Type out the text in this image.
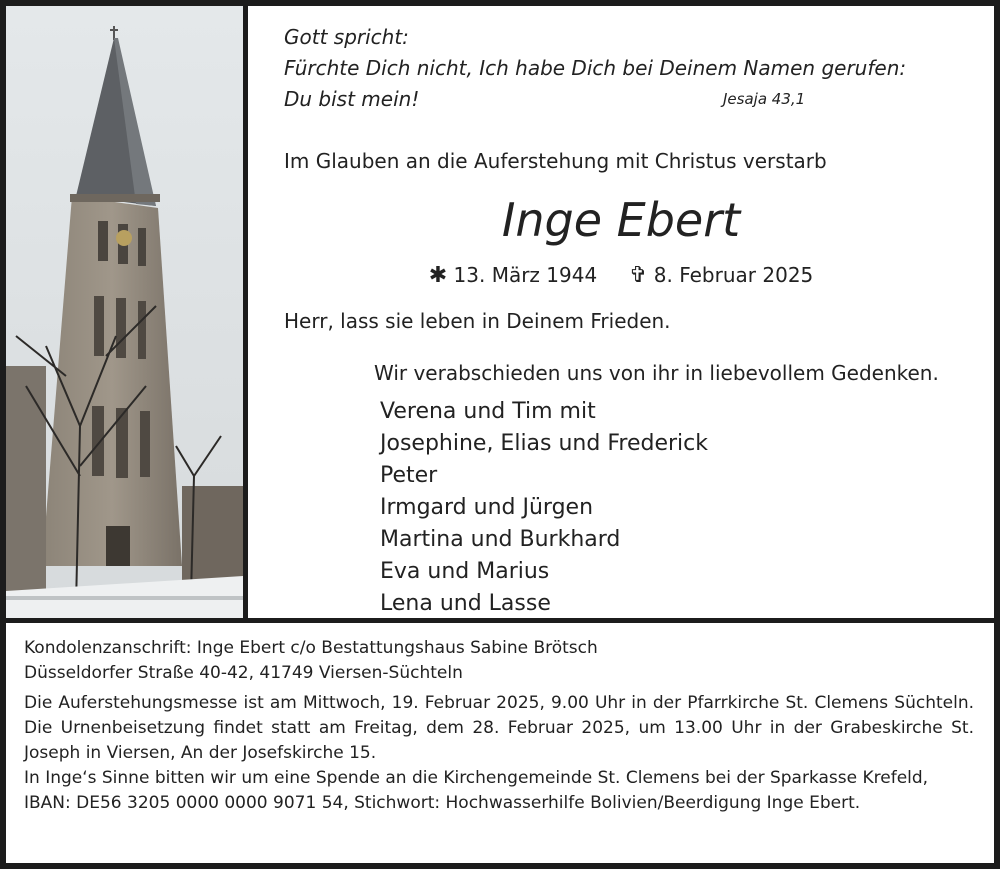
Gott spricht:
Fürchte Dich nicht, Ich habe Dich bei Deinem Namen gerufen:
Du bist mein!	Jesaja 43,1
Im Glauben an die Auferstehung mit Christus verstarb
Inge Ebert
✱ 13. März 1944 ✞ 8. Februar 2025
Herr, lass sie leben in Deinem Frieden.
Wir verabschieden uns von ihr in liebevollem Gedenken.
Verena und Tim mit
Josephine, Elias und Frederick
Peter
Irmgard und Jürgen
Martina und Burkhard
Eva und Marius
Lena und Lasse
Kondolenzanschrift: Inge Ebert c/o Bestattungshaus Sabine Brötsch
Düsseldorfer Straße 40-42, 41749 Viersen-Süchteln
Die Auferstehungsmesse ist am Mittwoch, 19. Februar 2025, 9.00 Uhr in der Pfarrkirche St. Clemens Süchteln. Die Urnenbeisetzung findet statt am Freitag, dem 28. Februar 2025, um 13.00 Uhr in der Grabeskirche St. Joseph in Viersen, An der Josefskirche 15.
In Inge‘s Sinne bitten wir um eine Spende an die Kirchengemeinde St. Clemens bei der Sparkasse Krefeld, IBAN: DE56 3205 0000 0000 9071 54, Stichwort: Hochwasserhilfe Bolivien/Beerdigung Inge Ebert.
